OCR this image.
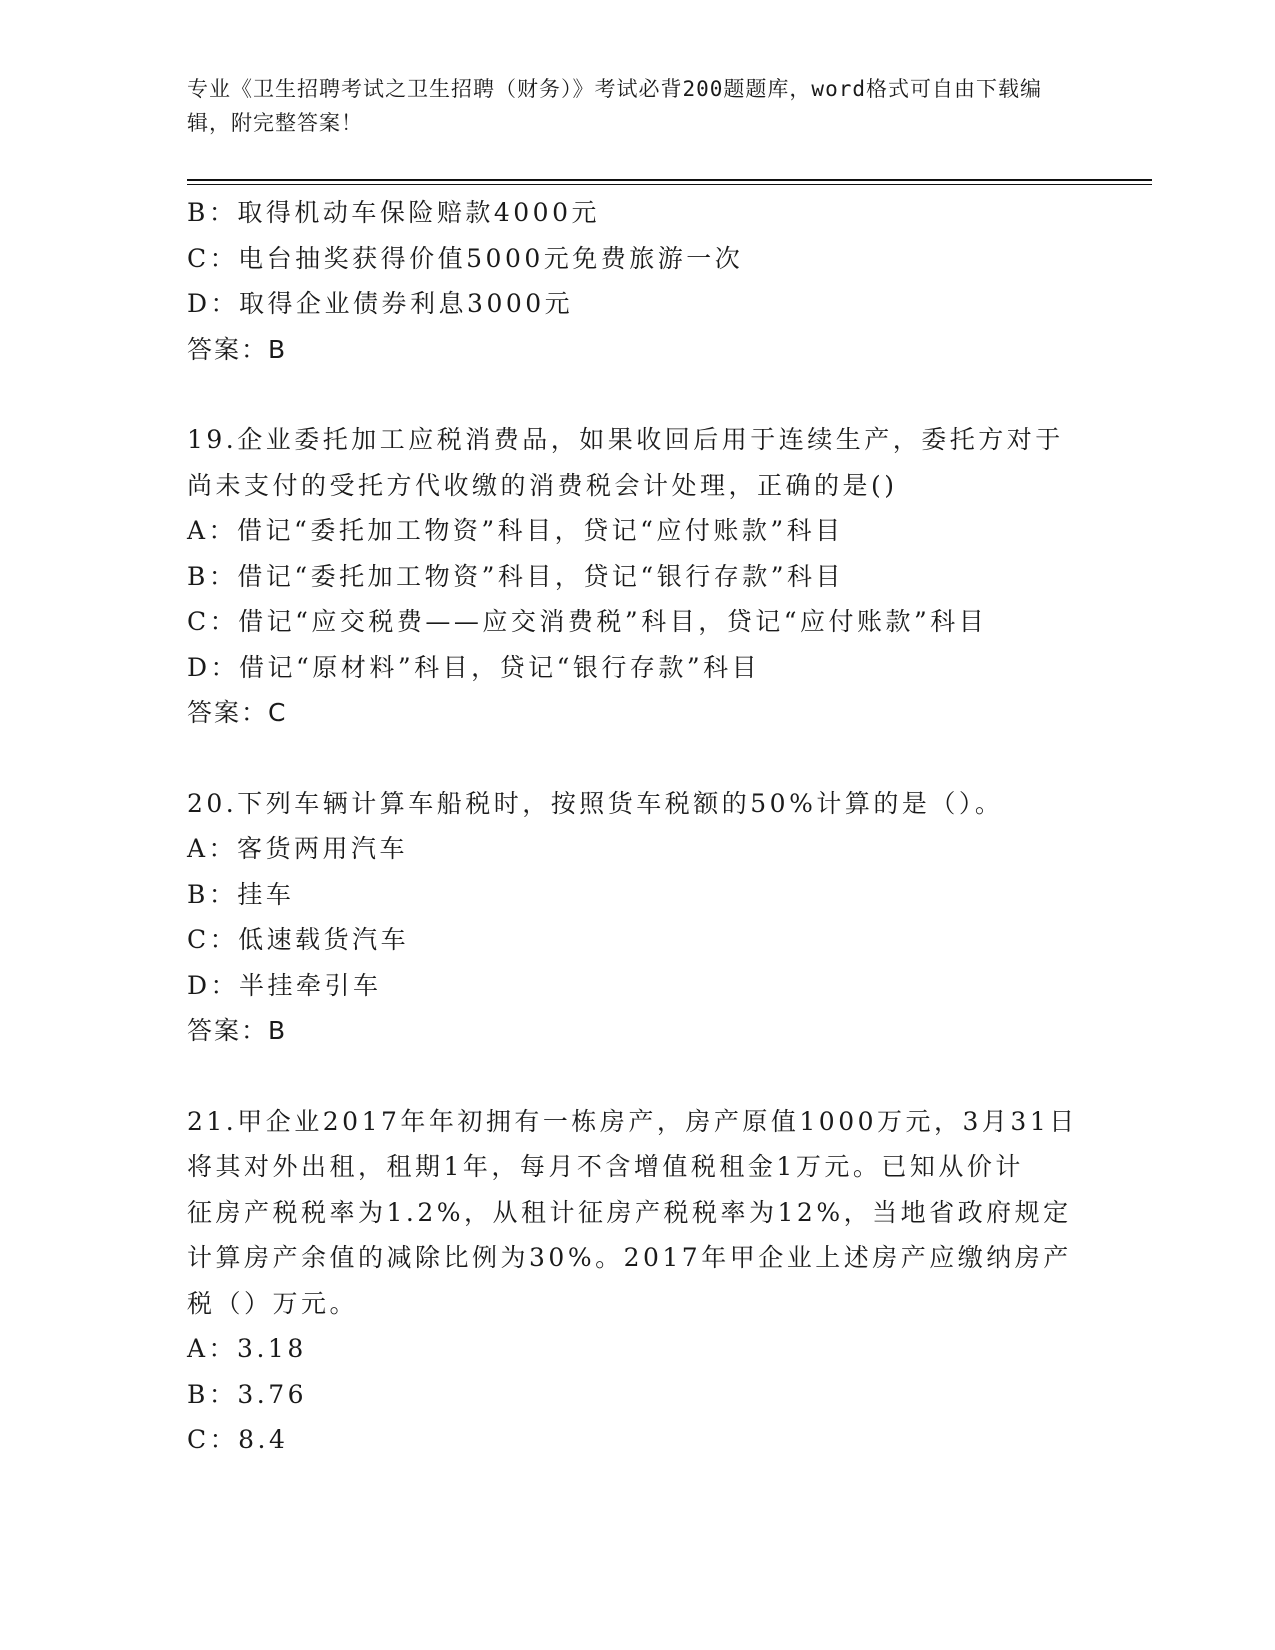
专业《卫生招聘考试之卫生招聘（财务）》考试必背200题题库，word格式可自由下载编辑，附完整答案！
B：取得机动车保险赔款4000元
C：电台抽奖获得价值5000元免费旅游一次
D：取得企业债券利息3000元
答案：B
19.企业委托加工应税消费品，如果收回后用于连续生产，委托方对于
尚未支付的受托方代收缴的消费税会计处理，正确的是()
A：借记“委托加工物资”科目，贷记“应付账款”科目
B：借记“委托加工物资”科目，贷记“银行存款”科目
C：借记“应交税费——应交消费税”科目，贷记“应付账款”科目
D：借记“原材料”科目，贷记“银行存款”科目
答案：C
20.下列车辆计算车船税时，按照货车税额的50%计算的是（）。
A：客货两用汽车
B：挂车
C：低速载货汽车
D：半挂牵引车
答案：B
21.甲企业2017年年初拥有一栋房产，房产原值1000万元，3月31日
将其对外出租，租期1年，每月不含增值税租金1万元。已知从价计
征房产税税率为1.2%，从租计征房产税税率为12%，当地省政府规定
计算房产余值的减除比例为30%。2017年甲企业上述房产应缴纳房产
税（）万元。
A：3.18
B：3.76
C：8.4
